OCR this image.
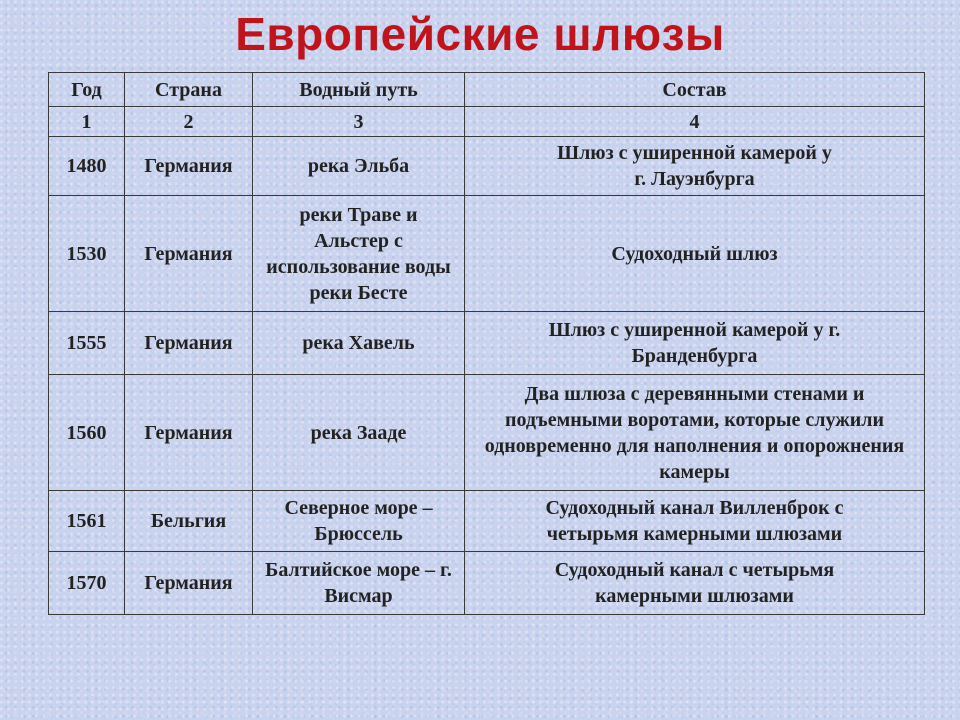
Европейские шлюзы
Год	Страна	Водный путь	Состав
1	2	3	4
1480	Германия	река Эльба	Шлюз с уширенной камерой у г. Лауэнбурга
1530	Германия	реки Траве и Альстер с использование воды реки Бесте	Судоходный шлюз
1555	Германия	река Хавель	Шлюз с уширенной камерой у г. Бранденбурга
1560	Германия	река Зааде	Два шлюза с деревянными стенами и подъемными воротами, которые служили одновременно для наполнения и опорожнения камеры
1561	Бельгия	Северное море – Брюссель	Судоходный канал Вилленброк с четырьмя камерными шлюзами
1570	Германия	Балтийское море – г. Висмар	Судоходный канал с четырьмя камерными шлюзами
